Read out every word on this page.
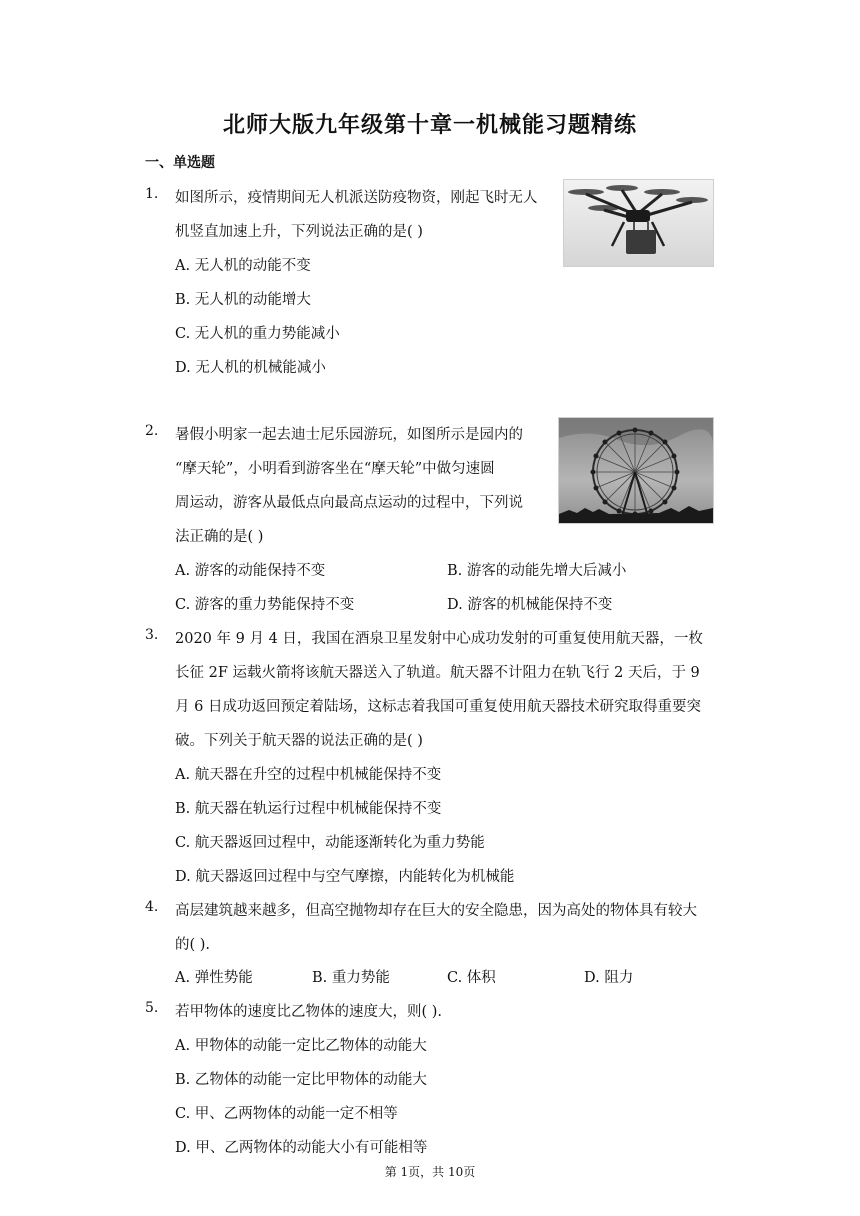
北师大版九年级第十章一机械能习题精练
一、单选题
1. 如图所示，疫情期间无人机派送防疫物资，刚起飞时无人
机竖直加速上升，下列说法正确的是( )
A. 无人机的动能不变
B. 无人机的动能增大
C. 无人机的重力势能减小
D. 无人机的机械能减小
2. 暑假小明家一起去迪士尼乐园游玩，如图所示是园内的
“摩天轮”，小明看到游客坐在“摩天轮”中做匀速圆
周运动，游客从最低点向最高点运动的过程中，下列说
法正确的是( )
A. 游客的动能保持不变	B. 游客的动能先增大后减小
C. 游客的重力势能保持不变	D. 游客的机械能保持不变
3. 2020 年 9 月 4 日，我国在酒泉卫星发射中心成功发射的可重复使用航天器，一枚
长征 2F 运载火箭将该航天器送入了轨道。航天器不计阻力在轨飞行 2 天后，于 9
月 6 日成功返回预定着陆场，这标志着我国可重复使用航天器技术研究取得重要突
破。下列关于航天器的说法正确的是( )
A. 航天器在升空的过程中机械能保持不变
B. 航天器在轨运行过程中机械能保持不变
C. 航天器返回过程中，动能逐渐转化为重力势能
D. 航天器返回过程中与空气摩擦，内能转化为机械能
4. 高层建筑越来越多，但高空抛物却存在巨大的安全隐患，因为高处的物体具有较大
的( ).
A. 弹性势能	B. 重力势能	C. 体积	D. 阻力
5. 若甲物体的速度比乙物体的速度大，则( ).
A. 甲物体的动能一定比乙物体的动能大
B. 乙物体的动能一定比甲物体的动能大
C. 甲、乙两物体的动能一定不相等
D. 甲、乙两物体的动能大小有可能相等
第 1页，共 10页
